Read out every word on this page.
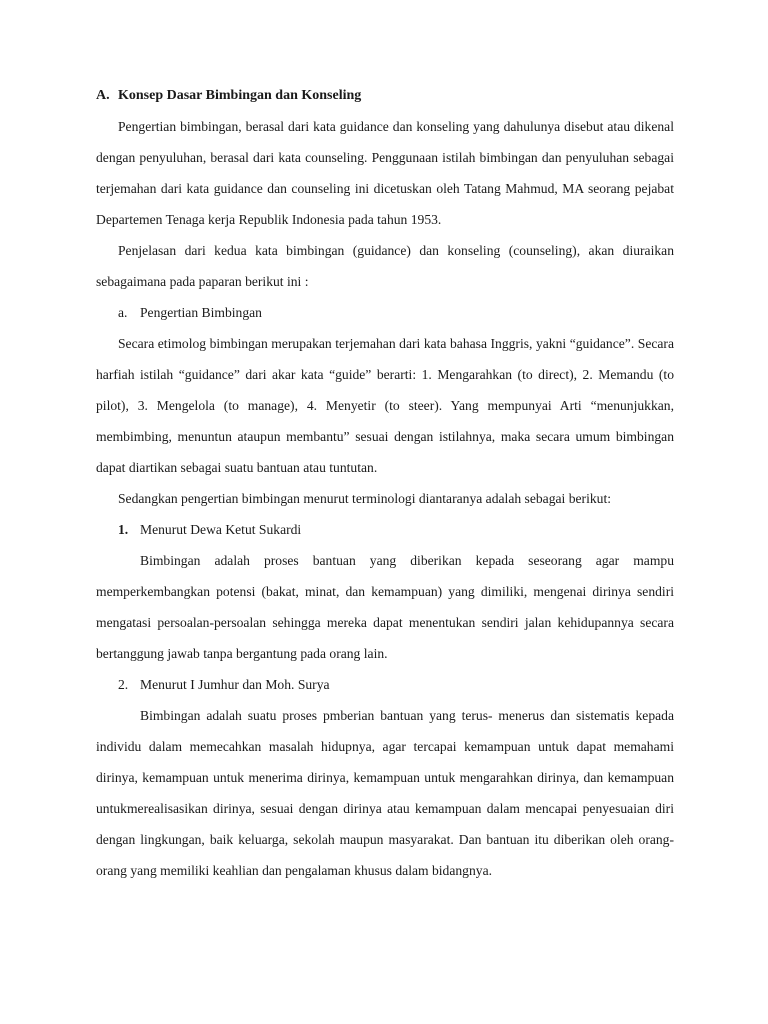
A. Konsep Dasar Bimbingan dan Konseling

Pengertian bimbingan, berasal dari kata guidance dan konseling yang dahulunya disebut atau dikenal dengan penyuluhan, berasal dari kata counseling. Penggunaan istilah bimbingan dan penyuluhan sebagai terjemahan dari kata guidance dan counseling ini dicetuskan oleh Tatang Mahmud, MA seorang pejabat Departemen Tenaga kerja Republik Indonesia pada tahun 1953.

Penjelasan dari kedua kata bimbingan (guidance) dan konseling (counseling), akan diuraikan sebagaimana pada paparan berikut ini :

a. Pengertian Bimbingan

Secara etimolog bimbingan merupakan terjemahan dari kata bahasa Inggris, yakni “guidance”. Secara harfiah istilah “guidance” dari akar kata “guide” berarti: 1. Mengarahkan (to direct), 2. Memandu (to pilot), 3. Mengelola (to manage), 4. Menyetir (to steer). Yang mempunyai Arti “menunjukkan, membimbing, menuntun ataupun membantu” sesuai dengan istilahnya, maka secara umum bimbingan dapat diartikan sebagai suatu bantuan atau tuntutan.

Sedangkan pengertian bimbingan menurut terminologi diantaranya adalah sebagai berikut:

1. Menurut Dewa Ketut Sukardi

Bimbingan adalah proses bantuan yang diberikan kepada seseorang agar mampu memperkembangkan potensi (bakat, minat, dan kemampuan) yang dimiliki, mengenai dirinya sendiri mengatasi persoalan-persoalan sehingga mereka dapat menentukan sendiri jalan kehidupannya secara bertanggung jawab tanpa bergantung pada orang lain.

2. Menurut I Jumhur dan Moh. Surya

Bimbingan adalah suatu proses pmberian bantuan yang terus- menerus dan sistematis kepada individu dalam memecahkan masalah hidupnya, agar tercapai kemampuan untuk dapat memahami dirinya, kemampuan untuk menerima dirinya, kemampuan untuk mengarahkan dirinya, dan kemampuan untukmerealisasikan dirinya, sesuai dengan dirinya atau kemampuan dalam mencapai penyesuaian diri dengan lingkungan, baik keluarga, sekolah maupun masyarakat. Dan bantuan itu diberikan oleh orang-orang yang memiliki keahlian dan pengalaman khusus dalam bidangnya.
